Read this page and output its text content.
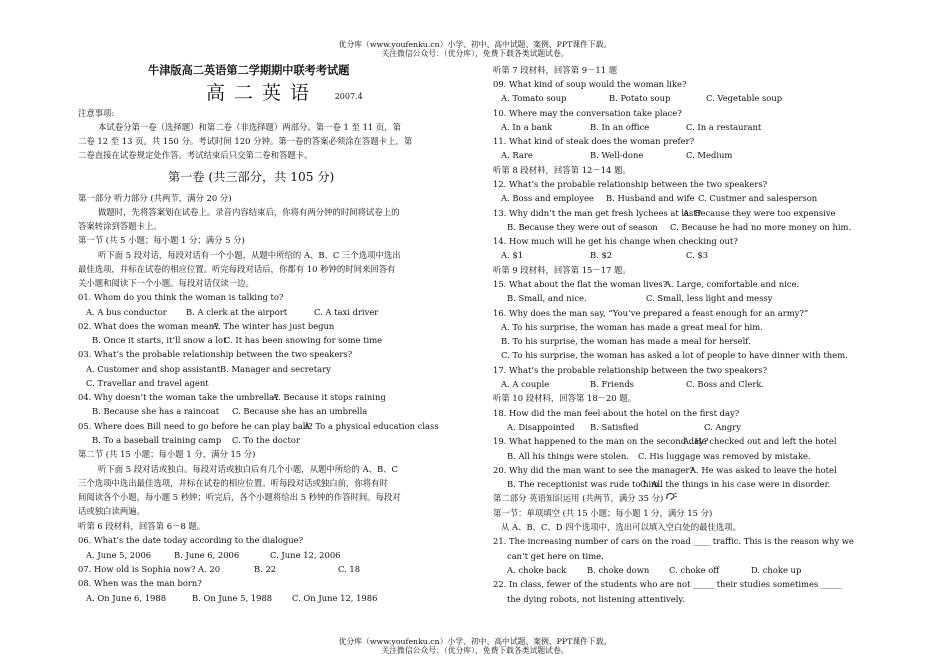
优分库（www.youfenku.cn）小学、初中、高中试题、案例、PPT课件下载。
关注微信公众号：（优分库），免费下载各类试题试卷。
牛津版高二英语第二学期期中联考考试题
高二英语 2007.4
注意事项:
本试卷分第一卷（选择题）和第二卷（非选择题）两部分。第一卷 1 至 11 页，第
二卷 12 至 13 页。共 150 分。考试时间 120 分钟。第一卷的答案必须涂在答题卡上，第
二卷直接在试卷规定处作答。考试结束后只交第二卷和答题卡。
第一卷 (共三部分，共 105 分)
第一部分 听力部分 (共两节，满分 20 分)
做题时，先将答案划在试卷上。录音内容结束后，你将有两分钟的时间将试卷上的
答案转涂到答题卡上。
第一节 (共 5 小题；每小题 1 分；满分 5 分)
听下面 5 段对话，每段对话有一个小题，从题中所给的 A、B、C 三个选项中选出
最佳选项，并标在试卷的相应位置。听完每段对话后，你都有 10 秒钟的时间来回答有
关小题和阅读下一个小题。每段对话仅读一边。
01. Whom do you think the woman is talking to?
A. A bus conductor B. A clerk at the airport	C. A taxi driver
02. What does the woman mean?A. The winter has just begun
B. Once it starts, it’ll snow a lotC. It has been snowing for some time
03. What’s the probable relationship between the two speakers?
A. Customer and shop assistantB. Manager and secretary
C. Travellar and travel agent
04. Why doesn’t the woman take the umbrella?A. Because it stops raining
B. Because she has a raincoat C. Because she has an umbrella
05. Where does Bill need to go before he can play ball?A. To a physical education class
B. To a baseball training camp C. To the doctor
第二节 (共 15 小题；每小题 1 分，满分 15 分)
听下面 5 段对话或独白。每段对话或独白后有几个小题，从题中所给的 A、B、C
三个选项中选出最佳选项，并标在试卷的相应位置。听每段对话或独白前，你将有时
间阅读各个小题，每小题 5 秒钟；听完后，各个小题将给出 5 秒钟的作答时间。每段对
话或独白读两遍。
听第 6 段材料，回答第 6－8 题。
06. What’s the date today according to the dialogue?
A. June 5, 2006	B. June 6, 2006	C. June 12, 2006
07. How old is Sophia now? A. 20	B. 22	C. 18
08. When was the man born?
A. On June 6, 1988	B. On June 5, 1988 C. On June 12, 1986
听第 7 段材料，回答第 9－11 题
09. What kind of soup would the woman like?
A. Tomato soup	B. Potato soup	C. Vegetable soup
10. Where may the conversation take place?
A. In a bank	B. In an office	C. In a restaurant
11. What kind of steak does the woman prefer?
A. Rare	B. Well-done	C. Medium
听第 8 段材料，回答第 12－14 题。
12. What’s the probable relationship between the two speakers?
A. Boss and employee B. Husband and wife C. Custmer and salesperson
13. Why didn’t the man get fresh lychees at last?A. Because they were too expensive
B. Because they were out of season C. Because he had no more money on him.
14. How much will he get his change when checking out?
A. $1	B. $2	C. $3
听第 9 段材料，回答第 15－17 题。
15. What about the flat the woman lives?A. Large, comfortable and nice.
B. Small, and nice.	C. Small, less light and messy
16. Why does the man say, “You’ve prepared a feast enough for an army?”
A. To his surprise, the woman has made a great meal for him.
B. To his surprise, the woman has made a meal for herself.
C. To his surprise, the woman has asked a lot of people to have dinner with them.
17. What’s the probable relationship between the two speakers?
A. A couple	B. Friends	C. Boss and Clerk.
听第 10 段材料，回答第 18－20 题。
18. How did the man feel about the hotel on the first day?
A. Disappointed B. Satisfied	C. Angry
19. What happened to the man on the second day?A. He checked out and left the hotel
B. All his things were stolen. C. His luggage was removed by mistake.
20. Why did the man want to see the manager?A. He was asked to leave the hotel
B. The receptionist was rude to him.C. All the things in his case were in disorder.
第二部分 英语知识运用 (共两节，满分 35 分)
第一节：单项填空 (共 15 小题；每小题 1 分，满分 15 分)
从 A、B、C、D 四个选项中，选出可以填入空白处的最佳选项。
21. The increasing number of cars on the road ____ traffic. This is the reason why we
can’t get here on time.
A. choke back B. choke down C. choke off	D. choke up
22. In class, fewer of the students who are not _____ their studies sometimes _____
the dying robots, not listening attentively.
优分库（www.youfenku.cn）小学、初中、高中试题、案例、PPT课件下载。
关注微信公众号：（优分库），免费下载各类试题试卷。
